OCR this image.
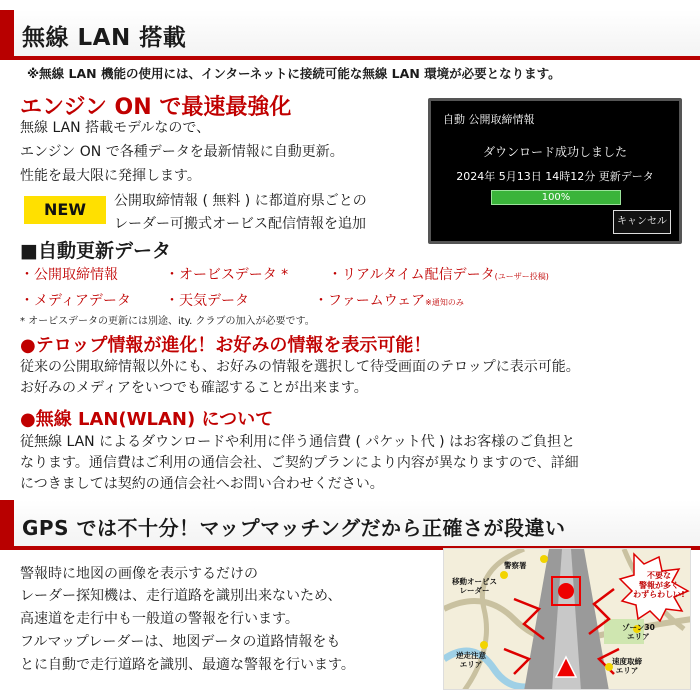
無線 LAN 搭載
※無線 LAN 機能の使用には、インターネットに接続可能な無線 LAN 環境が必要となります。
エンジン ON で最速最強化
無線 LAN 搭載モデルなので、
エンジン ON で各種データを最新情報に自動更新。
性能を最大限に発揮します。
自動 公開取締情報
ダウンロード成功しました
2024年 5月13日 14時12分 更新データ
100%
キャンセル
NEW	公開取締情報 ( 無料 ) に都道府県ごとの
レーダー可搬式オービス配信情報を追加
■自動更新データ
・公開取締情報	・オービスデータ *	・リアルタイム配信データ(ユーザー投稿)
・メディアデータ ・天気データ	・ファームウェア※通知のみ
* オービスデータの更新には別途、ity. クラブの加入が必要です。
●テロップ情報が進化！お好みの情報を表示可能！
従来の公開取締情報以外にも、お好みの情報を選択して待受画面のテロップに表示可能。
お好みのメディアをいつでも確認することが出来ます。
●無線 LAN(WLAN) について
従無線 LAN によるダウンロードや利用に伴う通信費 ( パケット代 ) はお客様のご負担と
なります。通信費はご利用の通信会社、ご契約プランにより内容が異なりますので、詳細
につきましては契約の通信会社へお問い合わせください。
GPS では不十分！マップマッチングだから正確さが段違い
警報時に地図の画像を表示するだけの
レーダー探知機は、走行道路を識別出来ないため、
高速道を走行中も一般道の警報を行います。
フルマップレーダーは、地図データの道路情報をも
とに自動で走行道路を識別、最適な警報を行います。
警察署
移動オービス
レーダー
ゾーン30
エリア
逆走注意
エリア	速度取締
エリア
不要な
警報が多く
わずらわしい!
